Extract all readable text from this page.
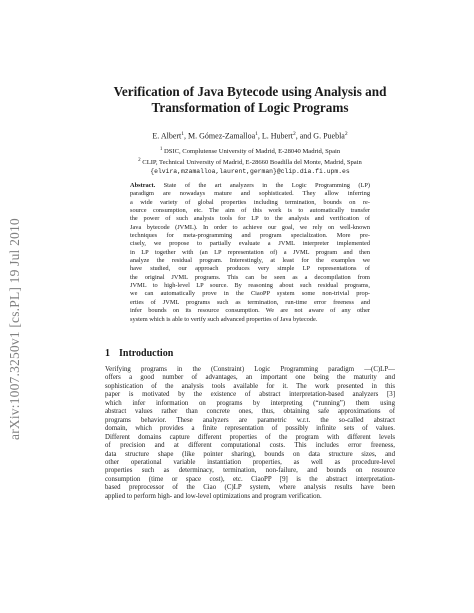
arXiv:1007.3250v1 [cs.PL] 19 Jul 2010
Verification of Java Bytecode using Analysis and
Transformation of Logic Programs
E. Albert$^1$, M. Gómez-Zamalloa$^1$, L. Hubert$^2$, and G. Puebla$^2$
$^1$ DSIC, Complutense University of Madrid, E-28040 Madrid, Spain
$^2$ CLIP, Technical University of Madrid, E-28660 Boadilla del Monte, Madrid, Spain
{elvira,mzamalloa,laurent,german}@clip.dia.fi.upm.es
Abstract. State of the art analyzers in the Logic Programming (LP)
paradigm are nowadays mature and sophisticated. They allow inferring
a wide variety of global properties including termination, bounds on re-
source consumption, etc. The aim of this work is to automatically transfer
the power of such analysis tools for LP to the analysis and verification of
Java bytecode (JVML). In order to achieve our goal, we rely on well-known
techniques for meta-programming and program specialization. More pre-
cisely, we propose to partially evaluate a JVML interpreter implemented
in LP together with (an LP representation of) a JVML program and then
analyze the residual program. Interestingly, at least for the examples we
have studied, our approach produces very simple LP representations of
the original JVML programs. This can be seen as a decompilation from
JVML to high-level LP source. By reasoning about such residual programs,
we can automatically prove in the CiaoPP system some non-trivial prop-
erties of JVML programs such as termination, run-time error freeness and
infer bounds on its resource consumption. We are not aware of any other
system which is able to verify such advanced properties of Java bytecode.
1 Introduction
Verifying programs in the (Constraint) Logic Programming paradigm —(C)LP—
offers a good number of advantages, an important one being the maturity and
sophistication of the analysis tools available for it. The work presented in this
paper is motivated by the existence of abstract interpretation-based analyzers [3]
which infer information on programs by interpreting (“running”) them using
abstract values rather than concrete ones, thus, obtaining safe approximations of
programs behavior. These analyzers are parametric w.r.t. the so-called abstract
domain, which provides a finite representation of possibly infinite sets of values.
Different domains capture different properties of the program with different levels
of precision and at different computational costs. This includes error freeness,
data structure shape (like pointer sharing), bounds on data structure sizes, and
other operational variable instantiation properties, as well as procedure-level
properties such as determinacy, termination, non-failure, and bounds on resource
consumption (time or space cost), etc. CiaoPP [9] is the abstract interpretation-
based preprocessor of the Ciao (C)LP system, where analysis results have been
applied to perform high- and low-level optimizations and program verification.
